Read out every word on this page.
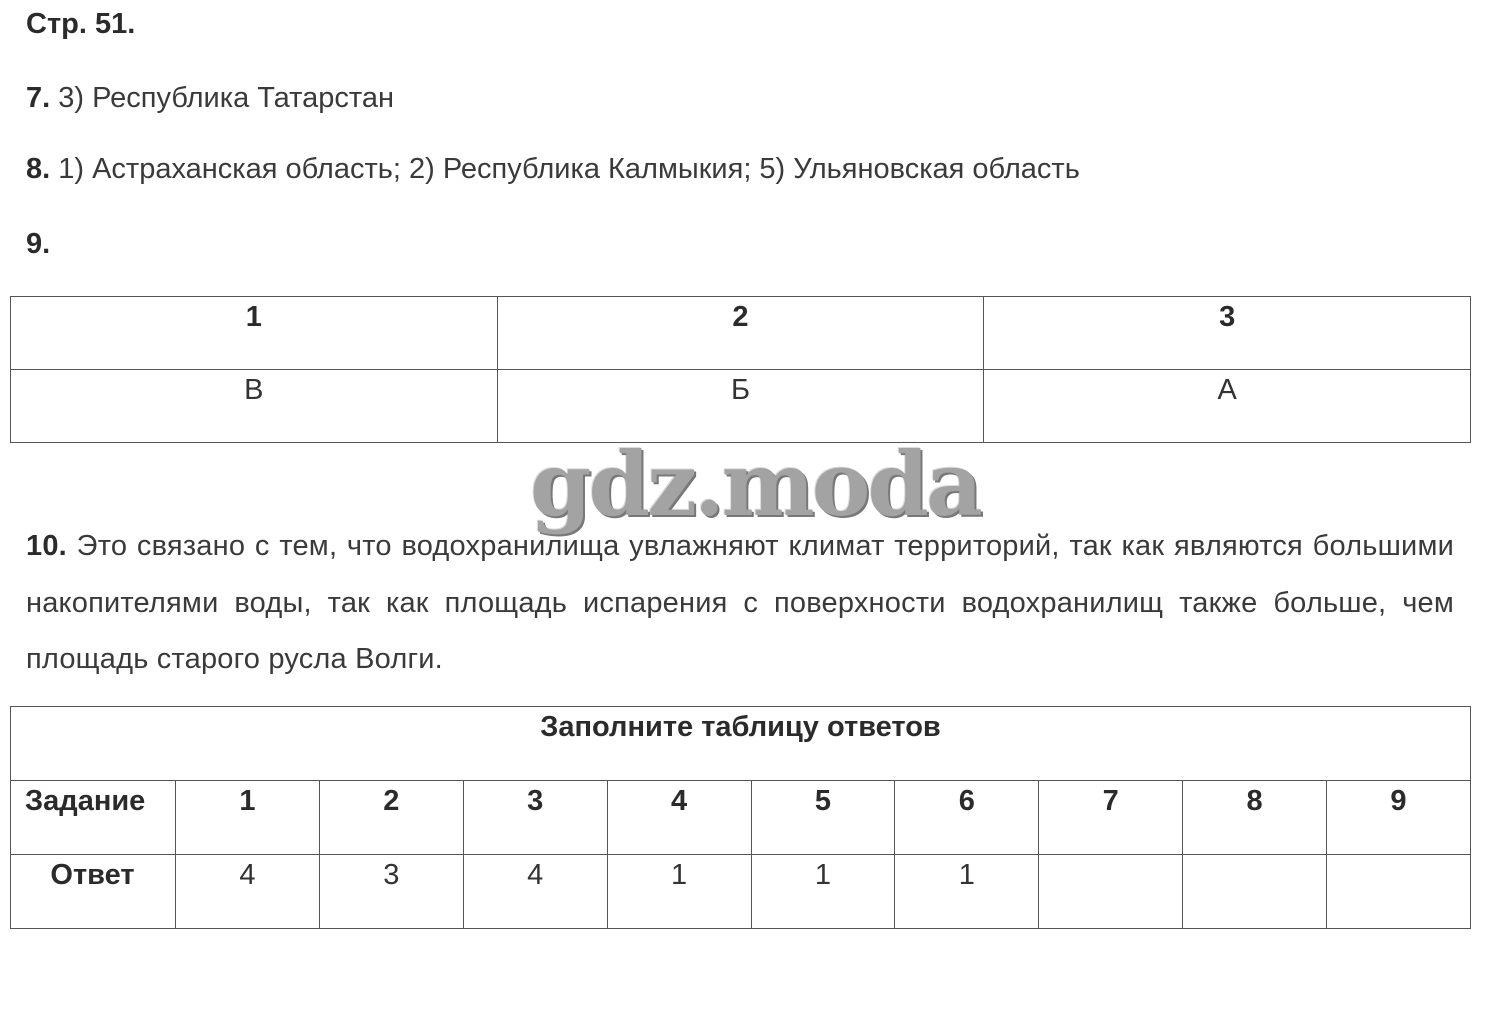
Стр. 51.
7. 3) Республика Татарстан
8. 1) Астраханская область; 2) Республика Калмыкия; 5) Ульяновская область
9.
1	2	3
В	Б	А
gdz.moda
10. Это связано с тем, что водохранилища увлажняют климат территорий, так как являются большими накопителями воды, так как площадь испарения с поверхности водохранилищ также больше, чем площадь старого русла Волги.
Заполните таблицу ответов									
Задание	1	2	3	4	5	6	7	8	9
Ответ	4	3	4	1	1	1			
